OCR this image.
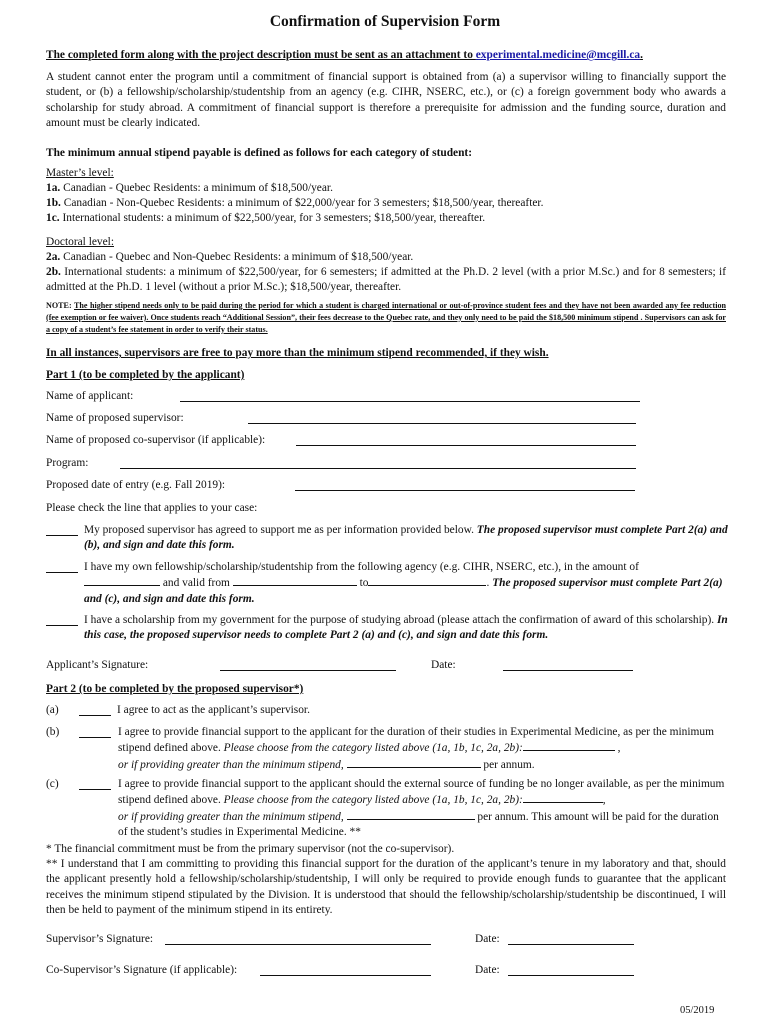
Confirmation of Supervision Form
The completed form along with the project description must be sent as an attachment to experimental.medicine@mcgill.ca.
A student cannot enter the program until a commitment of financial support is obtained from (a) a supervisor willing to financially support the student, or (b) a fellowship/scholarship/studentship from an agency (e.g. CIHR, NSERC, etc.), or (c) a foreign government body who awards a scholarship for study abroad. A commitment of financial support is therefore a prerequisite for admission and the funding source, duration and amount must be clearly indicated.
The minimum annual stipend payable is defined as follows for each category of student:
Master’s level:
1a. Canadian - Quebec Residents: a minimum of $18,500/year.
1b. Canadian - Non-Quebec Residents: a minimum of $22,000/year for 3 semesters; $18,500/year, thereafter.
1c. International students: a minimum of $22,500/year, for 3 semesters; $18,500/year, thereafter.
Doctoral level:
2a. Canadian - Quebec and Non-Quebec Residents: a minimum of $18,500/year.
2b. International students: a minimum of $22,500/year, for 6 semesters; if admitted at the Ph.D. 2 level (with a prior M.Sc.) and for 8 semesters; if admitted at the Ph.D. 1 level (without a prior M.Sc.); $18,500/year, thereafter.
NOTE: The higher stipend needs only to be paid during the period for which a student is charged international or out-of-province student fees and they have not been awarded any fee reduction (fee exemption or fee waiver). Once students reach “Additional Session”, their fees decrease to the Quebec rate, and they only need to be paid the $18,500 minimum stipend . Supervisors can ask for a copy of a student’s fee statement in order to verify their status.
In all instances, supervisors are free to pay more than the minimum stipend recommended, if they wish.
Part 1 (to be completed by the applicant)
Name of applicant:
Name of proposed supervisor:
Name of proposed co-supervisor (if applicable):
Program:
Proposed date of entry (e.g. Fall 2019):
Please check the line that applies to your case:
My proposed supervisor has agreed to support me as per information provided below. The proposed supervisor must complete Part 2(a) and (b), and sign and date this form.
I have my own fellowship/scholarship/studentship from the following agency (e.g. CIHR, NSERC, etc.), in the amount of
and valid from	to	. The proposed supervisor must complete Part 2(a) and (c), and sign and date this form.
I have a scholarship from my government for the purpose of studying abroad (please attach the confirmation of award of this scholarship). In this case, the proposed supervisor needs to complete Part 2 (a) and (c), and sign and date this form.
Applicant’s Signature:	Date:
Part 2 (to be completed by the proposed supervisor*)
(a)	I agree to act as the applicant’s supervisor.
(b)	I agree to provide financial support to the applicant for the duration of their studies in Experimental Medicine, as per the minimum stipend defined above. Please choose from the category listed above (1a, 1b, 1c, 2a, 2b):	,
or if providing greater than the minimum stipend,	per annum.
(c)	I agree to provide financial support to the applicant should the external source of funding be no longer available, as per the minimum stipend defined above. Please choose from the category listed above (1a, 1b, 1c, 2a, 2b):	,
or if providing greater than the minimum stipend,	per annum. This amount will be paid for the duration of the student’s studies in Experimental Medicine. **
* The financial commitment must be from the primary supervisor (not the co-supervisor).
** I understand that I am committing to providing this financial support for the duration of the applicant’s tenure in my laboratory and that, should the applicant presently hold a fellowship/scholarship/studentship, I will only be required to provide enough funds to guarantee that the applicant receives the minimum stipend stipulated by the Division. It is understood that should the fellowship/scholarship/studentship be discontinued, I will then be held to payment of the minimum stipend in its entirety.
Supervisor’s Signature:	Date:
Co-Supervisor’s Signature (if applicable):	Date:
05/2019
